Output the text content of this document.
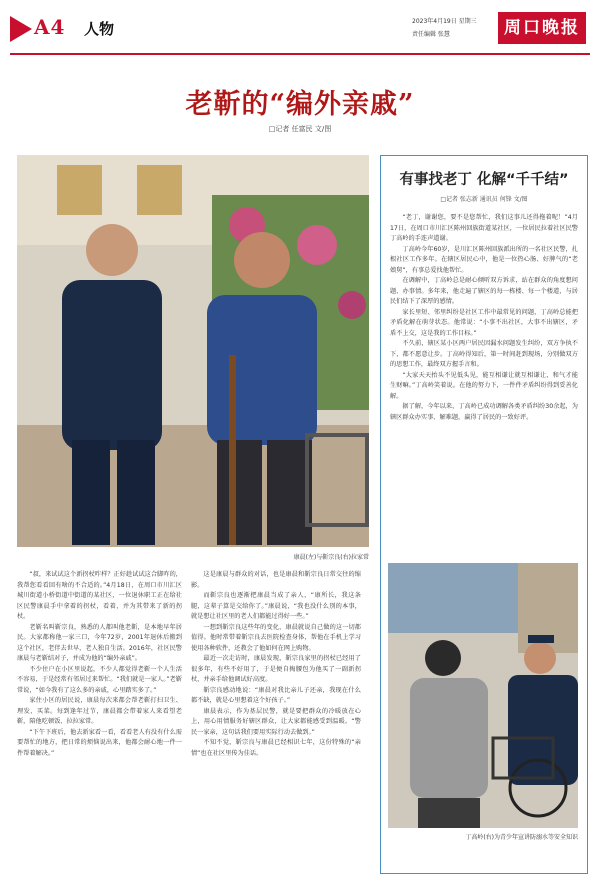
A4 人物	2023年4月19日 星期三
责任编辑 张慧	周口晚报
老靳的“编外亲戚”
□记者 任富民 文/图
康晨(左)与靳宗良(右)拉家常

“叔，来试试这个新拐杖咋样？正好趁试试这合脚咋的，我帮您看看回有啥的不合适的。”4月18日，在周口市川汇区城川街道小桥街道中街道的某社区，一位退休职工正在给社区民警康晨手中拿着的拐杖，看着，并为其带来了新的拐杖。

老靳名叫靳宗良，熟悉的人都叫他老靳，是本地早年居民。大家都称他一家三口，今年72岁，2001年退休后搬到这个社区，老伴去世早，老人独自生活。2016年，社区民警康晨与老靳结对子，并成为他的“编外亲戚”。

不少住户在小区里说起，不少人都觉得老靳一个人生活不容易，于是经常有邻居过来帮忙。“我们就是一家人。”老靳常说，“如今我有了这么多的亲戚，心里踏实多了。”

家住小区的居民说，康晨每次来都会帮老靳打扫卫生、理发、买菜。每到逢年过节，康晨都会带着家人来看望老靳，陪他吃顿饭、拉拉家常。

“下午下班后，他去新家看一看，看看老人有没有什么需要帮忙的地方，把日常的烦恼说出来，他都会耐心地一件一件帮着解决。”

这是康晨与群众的对话，也是康晨和靳宗良日常交往的缩影。

而靳宗良也逐渐把康晨当成了亲人，“康所长，我这条腿，这辈子算是交给你了。”康晨说，“我也没什么别的本事，就是想让社区里的老人们都能过得好一些。”

一想到靳宗良这些年的变化，康晨就说自己做的这一切都值得。他时常带着靳宗良去医院检查身体，帮他在手机上学习使用各种软件，还教会了他如何在网上购物。

最近一次走访时，康晨发现，靳宗良家里的拐杖已经用了很多年，有些不好用了，于是便自掏腰包为他买了一副新拐杖，并亲手给他调试好高度。

靳宗良感动地说：“康晨对我比亲儿子还亲，我现在什么都不缺，就是心里想着这个好孩子。”

康晨表示，作为基层民警，就是要把群众的冷暖放在心上，用心用情服务好辖区群众，让大家都能感受到温暖。“警民一家亲，这句话我们要用实际行动去做到。”

不知不觉，靳宗良与康晨已经相识七年，这份特殊的“亲情”也在社区里传为佳话。

有事找老丁 化解“千千结”
□记者 张志新 通讯员 何锋 文/图

“老丁，谢谢您，要不是您帮忙，我们这事儿还得拖着呢！”4月17日，在周口市川汇区陈州回族街道某社区，一位居民拉着社区民警丁高岭的手连声道谢。

丁高岭今年60岁，是川汇区陈州回族派出所的一名社区民警，扎根社区工作多年。在辖区居民心中，他是一位热心肠、好脾气的“老娘舅”，有事总爱找他帮忙。

在调解中，丁高岭总是耐心倾听双方诉求，站在群众的角度想问题、办事情。多年来，他走遍了辖区的每一栋楼、每一个楼道，与居民们结下了深厚的感情。

家长里短、邻里纠纷是社区工作中最常见的问题，丁高岭总能把矛盾化解在萌芽状态。他常说：“小事不出社区，大事不出辖区，矛盾不上交，这是我的工作目标。”

不久前，辖区某小区两户居民因漏水问题发生纠纷，双方争执不下，都不愿意让步。丁高岭得知后，第一时间赶到现场，分别做双方的思想工作，最终双方握手言和。

“大家天天抬头不见低头见，能互相谦让就互相谦让，和气才能生财嘛。”丁高岭笑着说。在他的努力下，一件件矛盾纠纷得到妥善化解。

据了解，今年以来，丁高岭已成功调解各类矛盾纠纷30余起，为辖区群众办实事、解难题，赢得了居民的一致好评。

丁高岭(右)为青少年宣讲防溺水等安全知识
